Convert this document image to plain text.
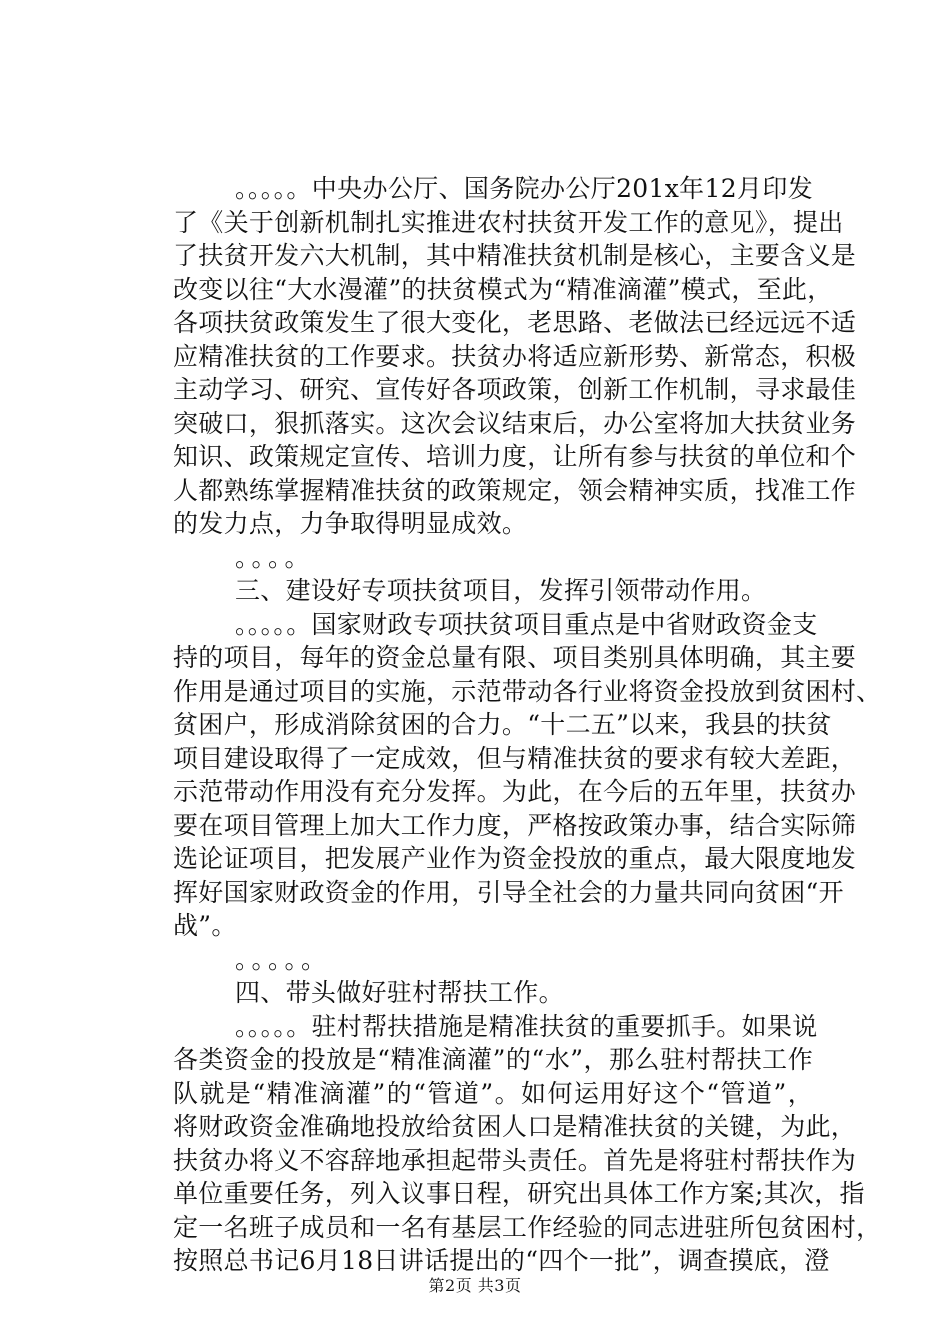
。。。。。中央办公厅、国务院办公厅201x年12月印发
了《关于创新机制扎实推进农村扶贫开发工作的意见》，提出
了扶贫开发六大机制，其中精准扶贫机制是核心，主要含义是
改变以往“大水漫灌”的扶贫模式为“精准滴灌”模式，至此，
各项扶贫政策发生了很大变化，老思路、老做法已经远远不适
应精准扶贫的工作要求。扶贫办将适应新形势、新常态，积极
主动学习、研究、宣传好各项政策，创新工作机制，寻求最佳
突破口，狠抓落实。这次会议结束后，办公室将加大扶贫业务
知识、政策规定宣传、培训力度，让所有参与扶贫的单位和个
人都熟练掌握精准扶贫的政策规定，领会精神实质，找准工作
的发力点，力争取得明显成效。
。。。。
三、建设好专项扶贫项目，发挥引领带动作用。
。。。。。国家财政专项扶贫项目重点是中省财政资金支
持的项目，每年的资金总量有限、项目类别具体明确，其主要
作用是通过项目的实施，示范带动各行业将资金投放到贫困村、
贫困户，形成消除贫困的合力。“十二五”以来，我县的扶贫
项目建设取得了一定成效，但与精准扶贫的要求有较大差距，
示范带动作用没有充分发挥。为此，在今后的五年里，扶贫办
要在项目管理上加大工作力度，严格按政策办事，结合实际筛
选论证项目，把发展产业作为资金投放的重点，最大限度地发
挥好国家财政资金的作用，引导全社会的力量共同向贫困“开
战”。
。。。。。
四、带头做好驻村帮扶工作。
。。。。。驻村帮扶措施是精准扶贫的重要抓手。如果说
各类资金的投放是“精准滴灌”的“水”，那么驻村帮扶工作
队就是“精准滴灌”的“管道”。如何运用好这个“管道”，
将财政资金准确地投放给贫困人口是精准扶贫的关键，为此，
扶贫办将义不容辞地承担起带头责任。首先是将驻村帮扶作为
单位重要任务，列入议事日程，研究出具体工作方案;其次，指
定一名班子成员和一名有基层工作经验的同志进驻所包贫困村，
按照总书记6月18日讲话提出的“四个一批”，调查摸底，澄
第2页 共3页
